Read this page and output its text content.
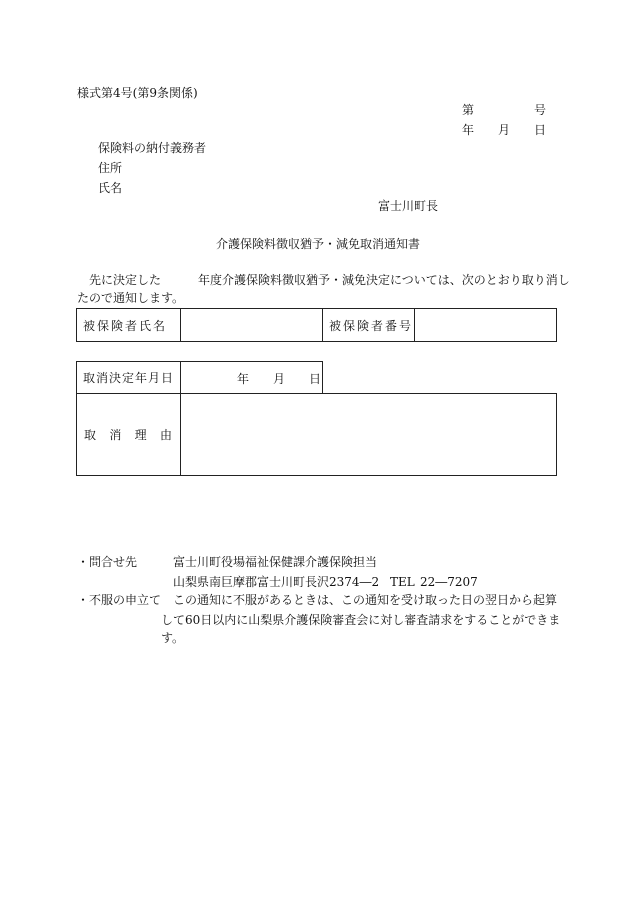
様式第4号(第9条関係)
第	号
年 月 日
保険料の納付義務者
住所
氏名
富士川町長
介護保険料徴収猶予・減免取消通知書
先に決定した	年度介護保険料徴収猶予・減免決定については、次のとおり取り消し
たので通知します。
被保険者氏名		被保険者番号	
取消決定年月日	年 月 日
取 消 理 由

・問合せ先	富士川町役場福祉保健課介護保険担当
山梨県南巨摩郡富士川町長沢2374―2 TEL 22―7207
・不服の申立て この通知に不服があるときは、この通知を受け取った日の翌日から起算
して60日以内に山梨県介護保険審査会に対し審査請求をすることができま
す。
